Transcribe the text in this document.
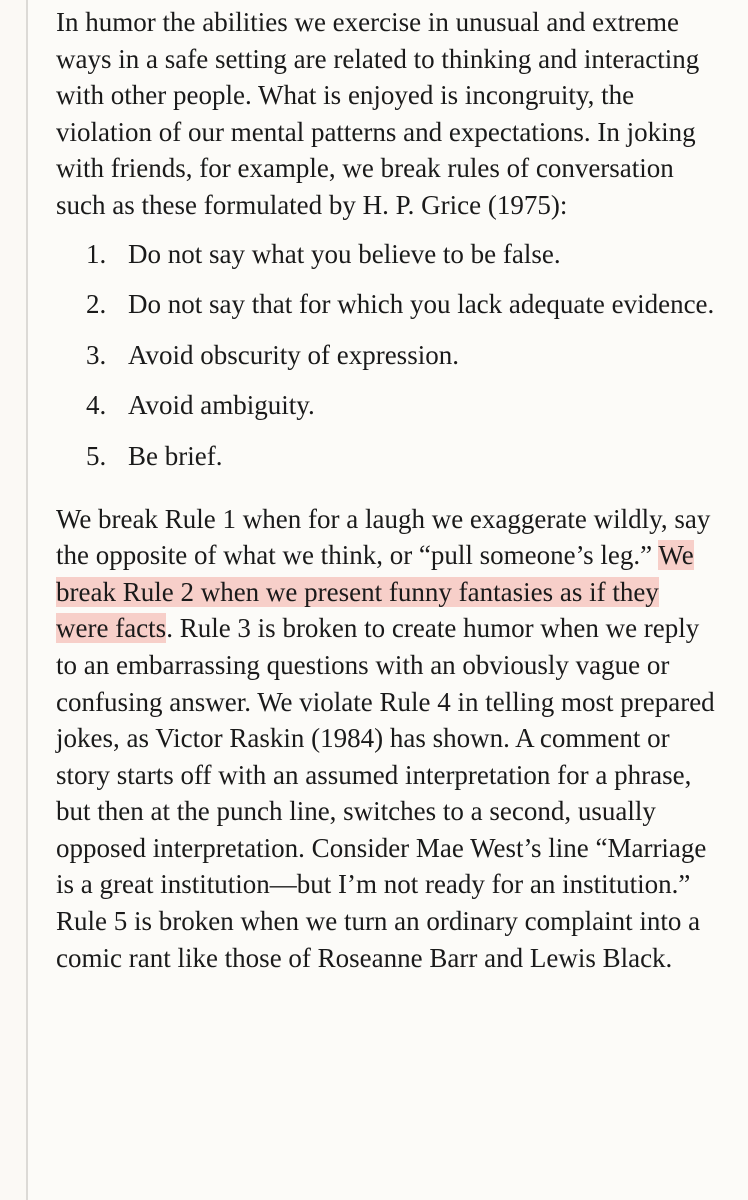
In humor the abilities we exercise in unusual and extreme ways in a safe setting are related to thinking and interacting with other people. What is enjoyed is incongruity, the violation of our mental patterns and expectations. In joking with friends, for example, we break rules of conversation such as these formulated by H. P. Grice (1975):

1. Do not say what you believe to be false.
2. Do not say that for which you lack adequate evidence.
3. Avoid obscurity of expression.
4. Avoid ambiguity.
5. Be brief.

We break Rule 1 when for a laugh we exaggerate wildly, say the opposite of what we think, or “pull someone’s leg.” We break Rule 2 when we present funny fantasies as if they were facts. Rule 3 is broken to create humor when we reply to an embarrassing questions with an obviously vague or confusing answer. We violate Rule 4 in telling most prepared jokes, as Victor Raskin (1984) has shown. A comment or story starts off with an assumed interpretation for a phrase, but then at the punch line, switches to a second, usually opposed interpretation. Consider Mae West’s line “Marriage is a great institution—but I’m not ready for an institution.” Rule 5 is broken when we turn an ordinary complaint into a comic rant like those of Roseanne Barr and Lewis Black.
